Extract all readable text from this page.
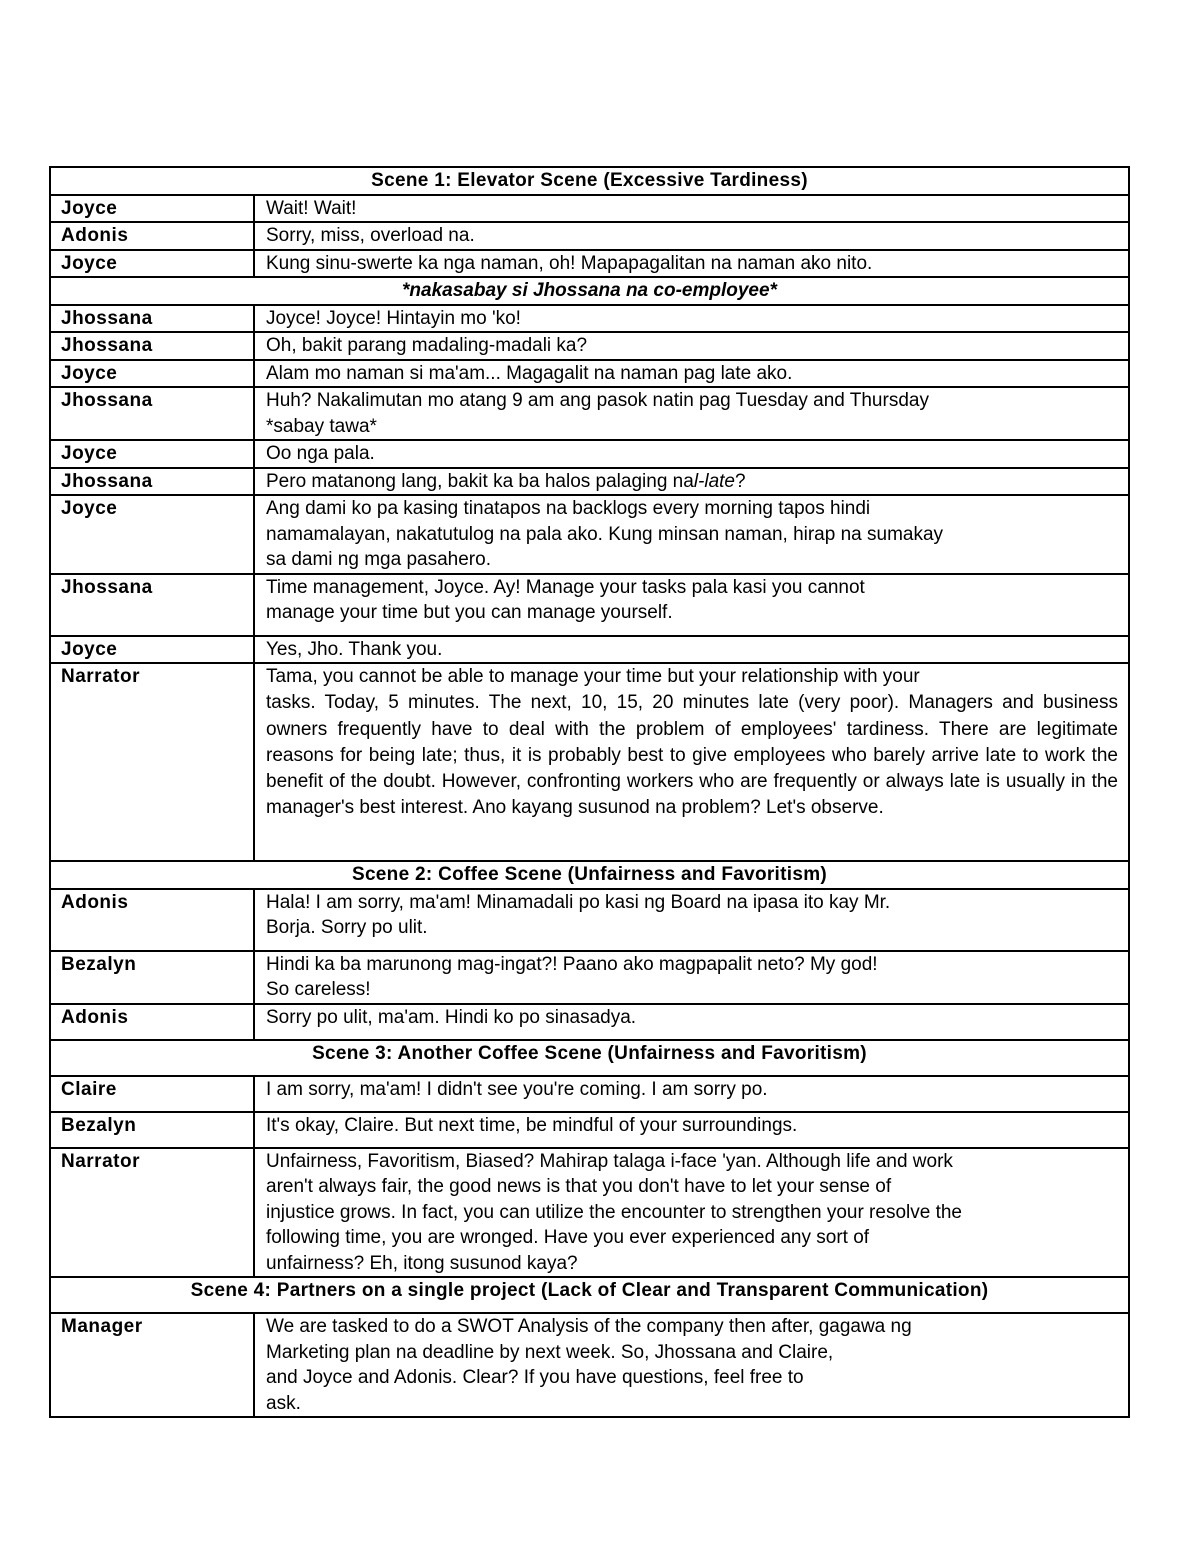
Scene 1: Elevator Scene (Excessive Tardiness)	
Joyce	Wait! Wait!
Adonis	Sorry, miss, overload na.
Joyce	Kung sinu-swerte ka nga naman, oh! Mapapagalitan na naman ako nito.
*nakasabay si Jhossana na co-employee*	
Jhossana	Joyce! Joyce! Hintayin mo 'ko!
Jhossana	Oh, bakit parang madaling-madali ka?
Joyce	Alam mo naman si ma'am... Magagalit na naman pag late ako.
Jhossana	Huh? Nakalimutan mo atang 9 am ang pasok natin pag Tuesday and Thursday
*sabay tawa*
Joyce	Oo nga pala.
Jhossana	Pero matanong lang, bakit ka ba halos palaging nal-late?
Joyce	Ang dami ko pa kasing tinatapos na backlogs every morning tapos hindi
namamalayan, nakatutulog na pala ako. Kung minsan naman, hirap na sumakay
sa dami ng mga pasahero.
Jhossana	Time management, Joyce. Ay! Manage your tasks pala kasi you cannot
manage your time but you can manage yourself.
Joyce	Yes, Jho. Thank you.
Narrator	Tama, you cannot be able to manage your time but your relationship with your
tasks. Today, 5 minutes. The next, 10, 15, 20 minutes late (very poor). Managers and business owners frequently have to deal with the problem of employees' tardiness. There are legitimate reasons for being late; thus, it is probably best to give employees who barely arrive late to work the benefit of the doubt. However, confronting workers who are frequently or always late is usually in the manager's best interest. Ano kayang susunod na problem? Let's observe.
Scene 2: Coffee Scene (Unfairness and Favoritism)	
Adonis	Hala! I am sorry, ma'am! Minamadali po kasi ng Board na ipasa ito kay Mr.
Borja. Sorry po ulit.
Bezalyn	Hindi ka ba marunong mag-ingat?! Paano ako magpapalit neto? My god!
So careless!
Adonis	Sorry po ulit, ma'am. Hindi ko po sinasadya.
Scene 3: Another Coffee Scene (Unfairness and Favoritism)	
Claire	I am sorry, ma'am! I didn't see you're coming. I am sorry po.
Bezalyn	It's okay, Claire. But next time, be mindful of your surroundings.
Narrator	Unfairness, Favoritism, Biased? Mahirap talaga i-face 'yan. Although life and work
aren't always fair, the good news is that you don't have to let your sense of
injustice grows. In fact, you can utilize the encounter to strengthen your resolve the
following time, you are wronged. Have you ever experienced any sort of
unfairness? Eh, itong susunod kaya?
Scene 4: Partners on a single project (Lack of Clear and Transparent Communication)	
Manager	We are tasked to do a SWOT Analysis of the company then after, gagawa ng
Marketing plan na deadline by next week. So, Jhossana and Claire,
and Joyce and Adonis. Clear? If you have questions, feel free to
ask.
